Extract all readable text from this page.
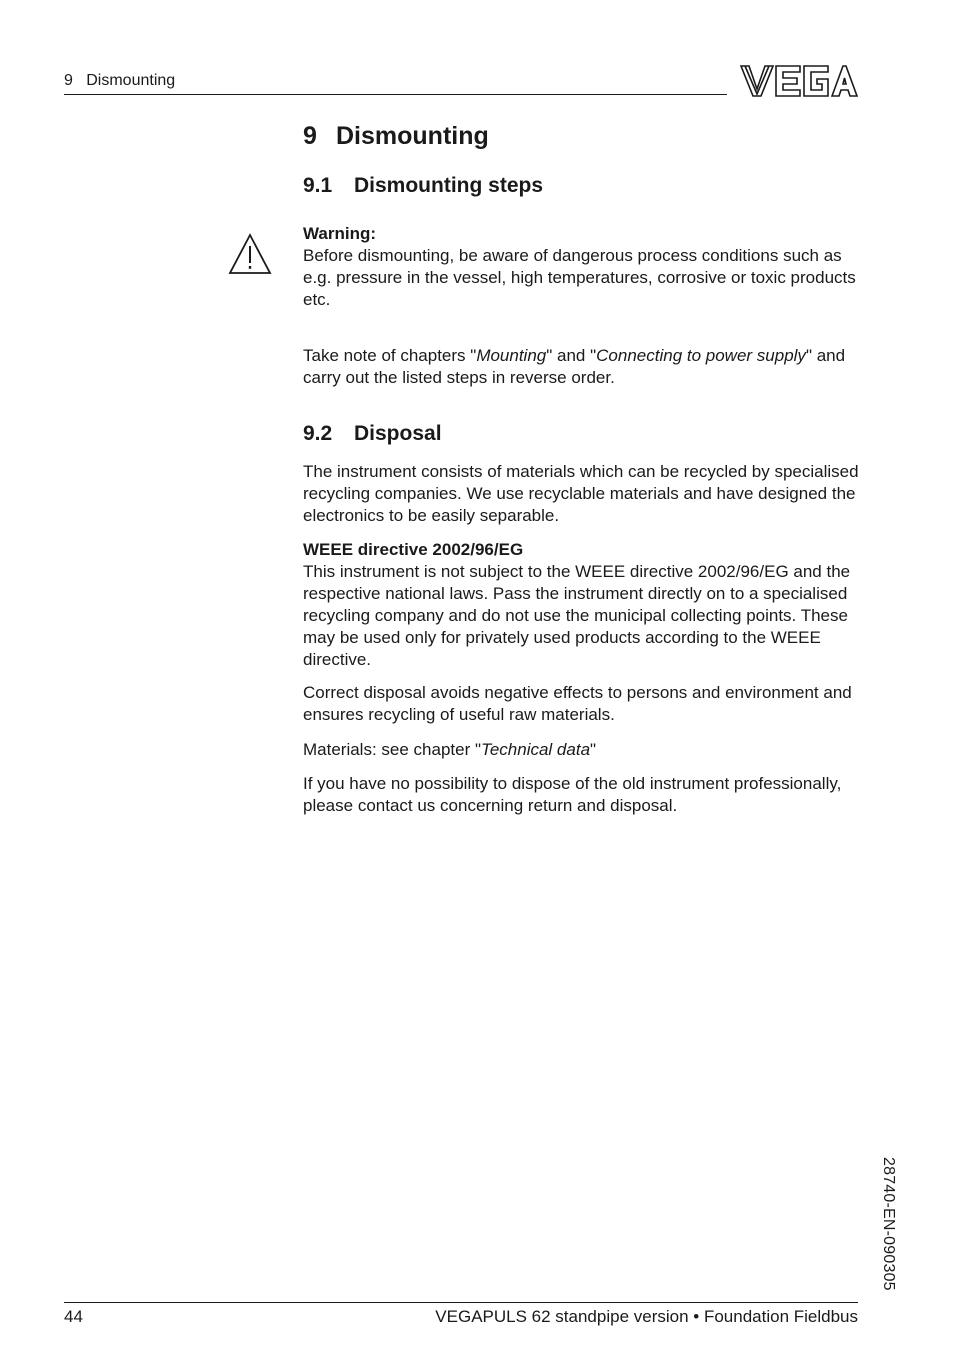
9   Dismounting
9 Dismounting
9.1 Dismounting steps

Warning:

Before dismounting, be aware of dangerous process conditions such as e.g. pressure in the vessel, high temperatures, corrosive or toxic products etc.

Take note of chapters "Mounting" and "Connecting to power supply" and carry out the listed steps in reverse order.

9.2 Disposal

The instrument consists of materials which can be recycled by specialised recycling companies. We use recyclable materials and have designed the electronics to be easily separable.

WEEE directive 2002/96/EG

This instrument is not subject to the WEEE directive 2002/96/EG and the respective national laws. Pass the instrument directly on to a specialised recycling company and do not use the municipal collecting points. These may be used only for privately used products according to the WEEE directive.

Correct disposal avoids negative effects to persons and environment and ensures recycling of useful raw materials.

Materials: see chapter "Technical data"

If you have no possibility to dispose of the old instrument professionally, please contact us concerning return and disposal.

28740-EN-090305
44	VEGAPULS 62 standpipe version • Foundation Fieldbus
